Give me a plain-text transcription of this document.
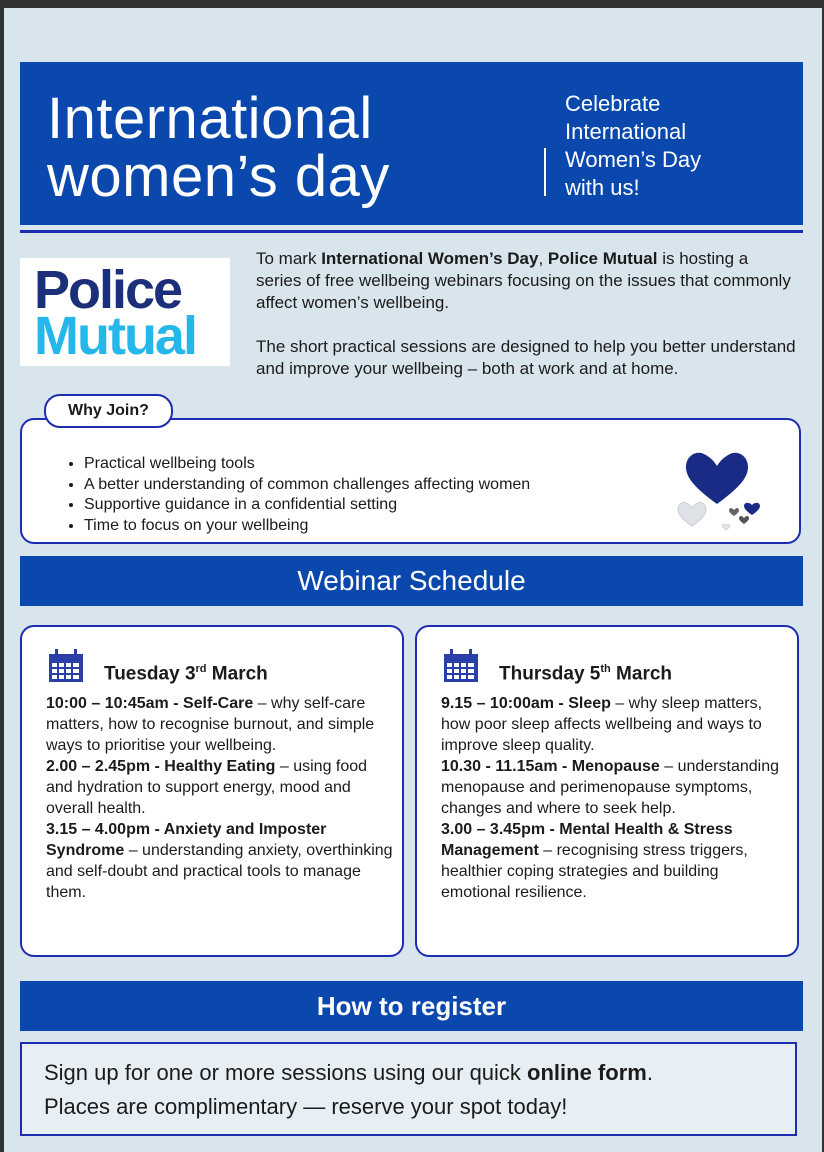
International
women’s day
Celebrate
International
Women’s Day
with us!
Police
Mutual

To mark International Women’s Day, Police Mutual is hosting a series of free wellbeing webinars focusing on the issues that commonly affect women’s wellbeing.

The short practical sessions are designed to help you better understand and improve your wellbeing – both at work and at home.

• Practical wellbeing tools
• A better understanding of common challenges affecting women
• Supportive guidance in a confidential setting
• Time to focus on your wellbeing
Why Join?
Webinar Schedule
Tuesday 3rd March

10:00 – 10:45am - Self-Care – why self-care matters, how to recognise burnout, and simple ways to prioritise your wellbeing.

2.00 – 2.45pm - Healthy Eating – using food and hydration to support energy, mood and overall health.

3.15 – 4.00pm - Anxiety and Imposter Syndrome – understanding anxiety, overthinking and self-doubt and practical tools to manage them.

Thursday 5th March

9.15 – 10:00am - Sleep – why sleep matters, how poor sleep affects wellbeing and ways to improve sleep quality.

10.30 - 11.15am - Menopause – understanding menopause and perimenopause symptoms, changes and where to seek help.

3.00 – 3.45pm - Mental Health & Stress Management – recognising stress triggers, healthier coping strategies and building emotional resilience.

How to register
Sign up for one or more sessions using our quick online form.
Places are complimentary — reserve your spot today!
